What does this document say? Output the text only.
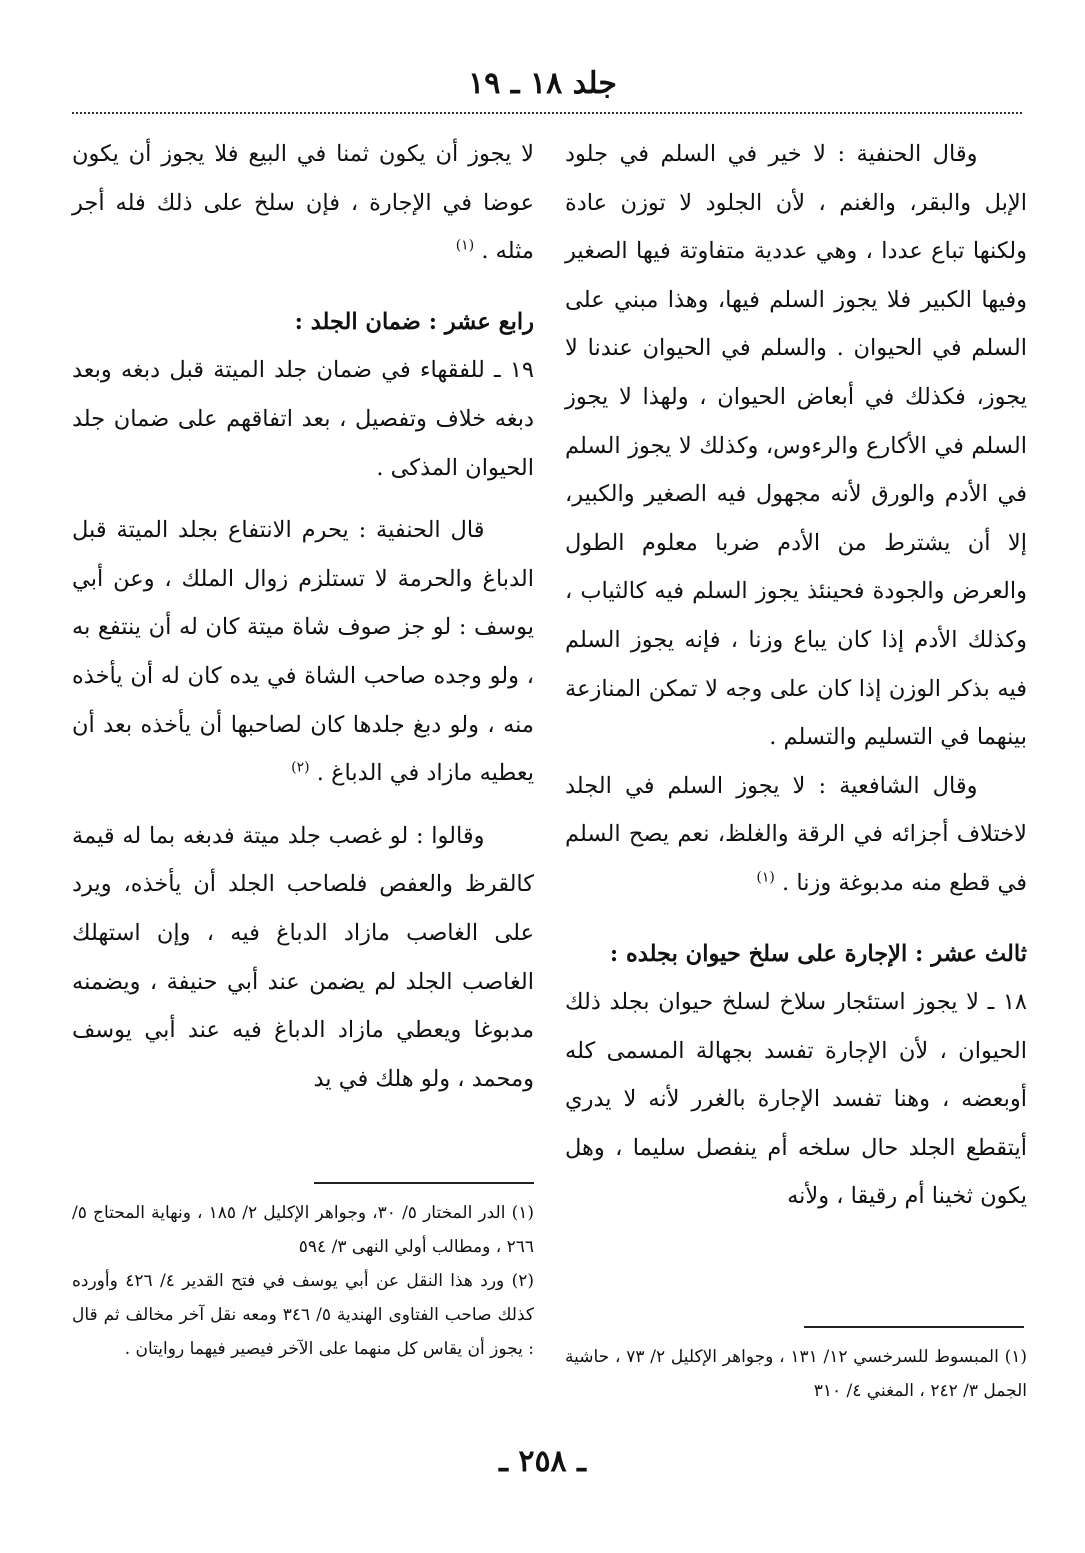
جلد ١٨ ـ ١٩

وقال الحنفية : لا خير في السلم في جلود الإبل والبقر، والغنم ، لأن الجلود لا توزن عادة ولكنها تباع عددا ، وهي عددية متفاوتة فيها الصغير وفيها الكبير فلا يجوز السلم فيها، وهذا مبني على السلم في الحيوان . والسلم في الحيوان عندنا لا يجوز، فكذلك في أبعاض الحيوان ، ولهذا لا يجوز السلم في الأكارع والرءوس، وكذلك لا يجوز السلم في الأدم والورق لأنه مجهول فيه الصغير والكبير، إلا أن يشترط من الأدم ضربا معلوم الطول والعرض والجودة فحينئذ يجوز السلم فيه كالثياب ، وكذلك الأدم إذا كان يباع وزنا ، فإنه يجوز السلم فيه بذكر الوزن إذا كان على وجه لا تمكن المنازعة بينهما في التسليم والتسلم .

وقال الشافعية : لا يجوز السلم في الجلد لاختلاف أجزائه في الرقة والغلظ، نعم يصح السلم في قطع منه مدبوغة وزنا . $^{(١)}$

ثالث عشر : الإجارة على سلخ حيوان بجلده :

١٨ ـ لا يجوز استئجار سلاخ لسلخ حيوان بجلد ذلك الحيوان ، لأن الإجارة تفسد بجهالة المسمى كله أوبعضه ، وهنا تفسد الإجارة بالغرر لأنه لا يدري أيتقطع الجلد حال سلخه أم ينفصل سليما ، وهل يكون ثخينا أم رقيقا ، ولأنه

لا يجوز أن يكون ثمنا في البيع فلا يجوز أن يكون عوضا في الإجارة ، فإن سلخ على ذلك فله أجر مثله . $^{(١)}$

رابع عشر : ضمان الجلد :

١٩ ـ للفقهاء في ضمان جلد الميتة قبل دبغه وبعد دبغه خلاف وتفصيل ، بعد اتفاقهم على ضمان جلد الحيوان المذكى .

قال الحنفية : يحرم الانتفاع بجلد الميتة قبل الدباغ والحرمة لا تستلزم زوال الملك ، وعن أبي يوسف : لو جز صوف شاة ميتة كان له أن ينتفع به ، ولو وجده صاحب الشاة في يده كان له أن يأخذه منه ، ولو دبغ جلدها كان لصاحبها أن يأخذه بعد أن يعطيه مازاد في الدباغ . $^{(٢)}$

وقالوا : لو غصب جلد ميتة فدبغه بما له قيمة كالقرظ والعفص فلصاحب الجلد أن يأخذه، ويرد على الغاصب مازاد الدباغ فيه ، وإن استهلك الغاصب الجلد لم يضمن عند أبي حنيفة ، ويضمنه مدبوغا ويعطي مازاد الدباغ فيه عند أبي يوسف ومحمد ، ولو هلك في يد

(١) الدر المختار ٥/ ٣٠، وجواهر الإكليل ٢/ ١٨٥ ، ونهاية المحتاج ٥/ ٢٦٦ ، ومطالب أولي النهى ٣/ ٥٩٤

(٢) ورد هذا النقل عن أبي يوسف في فتح القدير ٤/ ٤٢٦ وأورده كذلك صاحب الفتاوى الهندية ٥/ ٣٤٦ ومعه نقل آخر مخالف ثم قال : يجوز أن يقاس كل منهما على الآخر فيصير فيهما روايتان . (١) المبسوط للسرخسي ١٢/ ١٣١ ، وجواهر الإكليل ٢/ ٧٣ ، حاشية الجمل ٣/ ٢٤٢ ، المغني ٤/ ٣١٠

ـ ٢٥٨ ـ
